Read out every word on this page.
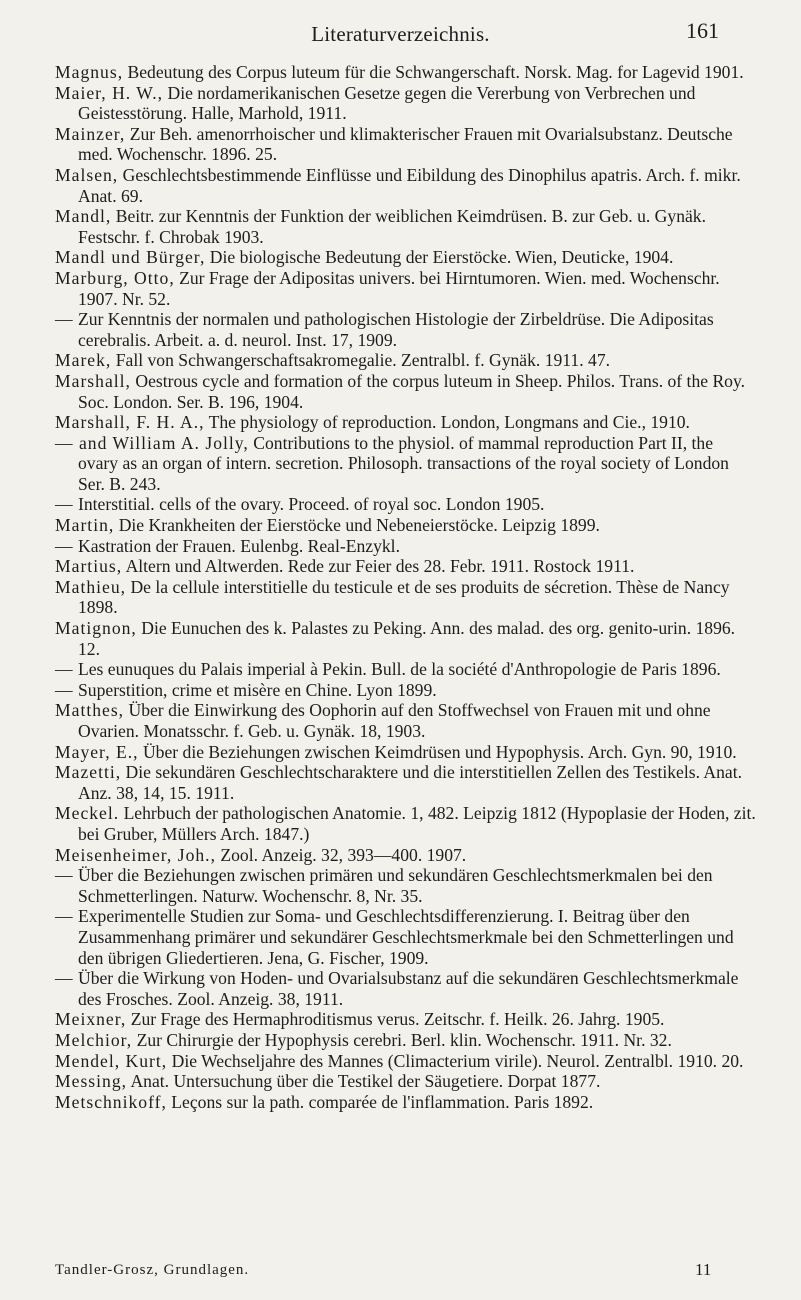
Literaturverzeichnis.	161

Magnus, Bedeutung des Corpus luteum für die Schwangerschaft. Norsk. Mag. for Lagevid 1901.

Maier, H. W., Die nordamerikanischen Gesetze gegen die Vererbung von Verbrechen und Geistesstörung. Halle, Marhold, 1911.

Mainzer, Zur Beh. amenorrhoischer und klimakterischer Frauen mit Ovarialsubstanz. Deutsche med. Wochenschr. 1896. 25.

Malsen, Geschlechtsbestimmende Einflüsse und Eibildung des Dinophilus apatris. Arch. f. mikr. Anat. 69.

Mandl, Beitr. zur Kenntnis der Funktion der weiblichen Keimdrüsen. B. zur Geb. u. Gynäk. Festschr. f. Chrobak 1903.

Mandl und Bürger, Die biologische Bedeutung der Eierstöcke. Wien, Deuticke, 1904.

Marburg, Otto, Zur Frage der Adipositas univers. bei Hirntumoren. Wien. med. Wochenschr. 1907. Nr. 52.

— Zur Kenntnis der normalen und pathologischen Histologie der Zirbeldrüse. Die Adipositas cerebralis. Arbeit. a. d. neurol. Inst. 17, 1909.

Marek, Fall von Schwangerschaftsakromegalie. Zentralbl. f. Gynäk. 1911. 47.

Marshall, Oestrous cycle and formation of the corpus luteum in Sheep. Philos. Trans. of the Roy. Soc. London. Ser. B. 196, 1904.

Marshall, F. H. A., The physiology of reproduction. London, Longmans and Cie., 1910.

— and William A. Jolly, Contributions to the physiol. of mammal reproduction Part II, the ovary as an organ of intern. secretion. Philosoph. transactions of the royal society of London Ser. B. 243.

— Interstitial. cells of the ovary. Proceed. of royal soc. London 1905.

Martin, Die Krankheiten der Eierstöcke und Nebeneierstöcke. Leipzig 1899.

— Kastration der Frauen. Eulenbg. Real-Enzykl.

Martius, Altern und Altwerden. Rede zur Feier des 28. Febr. 1911. Rostock 1911.

Mathieu, De la cellule interstitielle du testicule et de ses produits de sécretion. Thèse de Nancy 1898.

Matignon, Die Eunuchen des k. Palastes zu Peking. Ann. des malad. des org. genito-urin. 1896. 12.

— Les eunuques du Palais imperial à Pekin. Bull. de la société d'Anthropologie de Paris 1896.

— Superstition, crime et misère en Chine. Lyon 1899.

Matthes, Über die Einwirkung des Oophorin auf den Stoffwechsel von Frauen mit und ohne Ovarien. Monatsschr. f. Geb. u. Gynäk. 18, 1903.

Mayer, E., Über die Beziehungen zwischen Keimdrüsen und Hypophysis. Arch. Gyn. 90, 1910.

Mazetti, Die sekundären Geschlechtscharaktere und die interstitiellen Zellen des Testikels. Anat. Anz. 38, 14, 15. 1911.

Meckel. Lehrbuch der pathologischen Anatomie. 1, 482. Leipzig 1812 (Hypoplasie der Hoden, zit. bei Gruber, Müllers Arch. 1847.)

Meisenheimer, Joh., Zool. Anzeig. 32, 393—400. 1907.

— Über die Beziehungen zwischen primären und sekundären Geschlechtsmerkmalen bei den Schmetterlingen. Naturw. Wochenschr. 8, Nr. 35.

— Experimentelle Studien zur Soma- und Geschlechtsdifferenzierung. I. Beitrag über den Zusammenhang primärer und sekundärer Geschlechtsmerkmale bei den Schmetterlingen und den übrigen Gliedertieren. Jena, G. Fischer, 1909.

— Über die Wirkung von Hoden- und Ovarialsubstanz auf die sekundären Geschlechtsmerkmale des Frosches. Zool. Anzeig. 38, 1911.

Meixner, Zur Frage des Hermaphroditismus verus. Zeitschr. f. Heilk. 26. Jahrg. 1905.

Melchior, Zur Chirurgie der Hypophysis cerebri. Berl. klin. Wochenschr. 1911. Nr. 32.

Mendel, Kurt, Die Wechseljahre des Mannes (Climacterium virile). Neurol. Zentralbl. 1910. 20.

Messing, Anat. Untersuchung über die Testikel der Säugetiere. Dorpat 1877.

Metschnikoff, Leçons sur la path. comparée de l'inflammation. Paris 1892.

Tandler-Grosz, Grundlagen.	11
